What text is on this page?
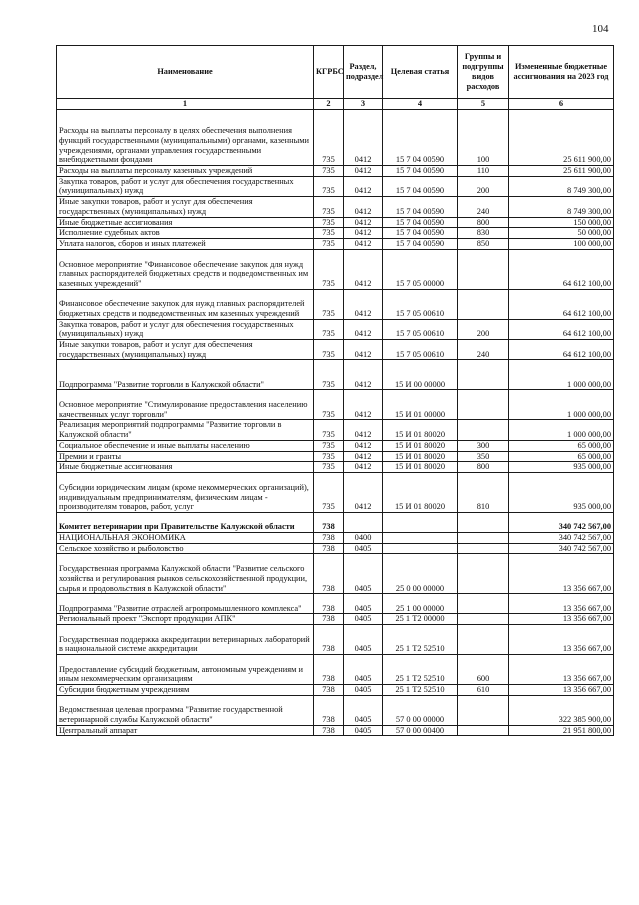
104
Наименование	КГРБС	Раздел, подраздел	Целевая статья	Группы и подгруппы видов расходов	Измененные бюджетные ассигнования на 2023 год
1	2	3	4	5	6
Расходы на выплаты персоналу в целях обеспечения выполнения функций государственными (муниципальными) органами, казенными учреждениями, органами управления государственными внебюджетными фондами	735	0412	15 7 04 00590	100	25 611 900,00
Расходы на выплаты персоналу казенных учреждений	735	0412	15 7 04 00590	110	25 611 900,00
Закупка товаров, работ и услуг для обеспечения государственных (муниципальных) нужд	735	0412	15 7 04 00590	200	8 749 300,00
Иные закупки товаров, работ и услуг для обеспечения государственных (муниципальных) нужд	735	0412	15 7 04 00590	240	8 749 300,00
Иные бюджетные ассигнования	735	0412	15 7 04 00590	800	150 000,00
Исполнение судебных актов	735	0412	15 7 04 00590	830	50 000,00
Уплата налогов, сборов и иных платежей	735	0412	15 7 04 00590	850	100 000,00
Основное мероприятие "Финансовое обеспечение закупок для нужд главных распорядителей бюджетных средств и подведомственных им казенных учреждений"	735	0412	15 7 05 00000		64 612 100,00
Финансовое обеспечение закупок для нужд главных распорядителей бюджетных средств и подведомственных им казенных учреждений	735	0412	15 7 05 00610		64 612 100,00
Закупка товаров, работ и услуг для обеспечения государственных (муниципальных) нужд	735	0412	15 7 05 00610	200	64 612 100,00
Иные закупки товаров, работ и услуг для обеспечения государственных (муниципальных) нужд	735	0412	15 7 05 00610	240	64 612 100,00
Подпрограмма "Развитие торговли в Калужской области"	735	0412	15 И 00 00000		1 000 000,00
Основное мероприятие "Стимулирование предоставления населению качественных услуг торговли"	735	0412	15 И 01 00000		1 000 000,00
Реализация мероприятий подпрограммы "Развитие торговли в Калужской области"	735	0412	15 И 01 80020		1 000 000,00
Социальное обеспечение и иные выплаты населению	735	0412	15 И 01 80020	300	65 000,00
Премии и гранты	735	0412	15 И 01 80020	350	65 000,00
Иные бюджетные ассигнования	735	0412	15 И 01 80020	800	935 000,00
Субсидии юридическим лицам (кроме некоммерческих организаций), индивидуальным предпринимателям, физическим лицам - производителям товаров, работ, услуг	735	0412	15 И 01 80020	810	935 000,00
Комитет ветеринарии при Правительстве Калужской области	738				340 742 567,00
НАЦИОНАЛЬНАЯ ЭКОНОМИКА	738	0400			340 742 567,00
Сельское хозяйство и рыболовство	738	0405			340 742 567,00
Государственная программа Калужской области "Развитие сельского хозяйства и регулирования рынков сельскохозяйственной продукции, сырья и продовольствия в Калужской области"	738	0405	25 0 00 00000		13 356 667,00
Подпрограмма "Развитие отраслей агропромышленного комплекса"	738	0405	25 1 00 00000		13 356 667,00
Региональный проект "Экспорт продукции АПК"	738	0405	25 1 Т2 00000		13 356 667,00
Государственная поддержка аккредитации ветеринарных лабораторий в национальной системе аккредитации	738	0405	25 1 Т2 52510		13 356 667,00
Предоставление субсидий бюджетным, автономным учреждениям и иным некоммерческим организациям	738	0405	25 1 Т2 52510	600	13 356 667,00
Субсидии бюджетным учреждениям	738	0405	25 1 Т2 52510	610	13 356 667,00
Ведомственная целевая программа "Развитие государственной ветеринарной службы Калужской области"	738	0405	57 0 00 00000		322 385 900,00
Центральный аппарат	738	0405	57 0 00 00400		21 951 800,00
